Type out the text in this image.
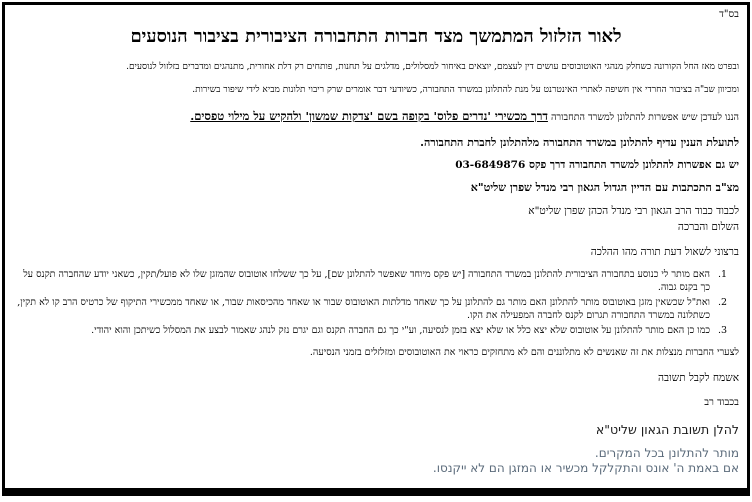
בס"ד
לאור הזלזול המתמשך מצד חברות התחבורה הציבורית בציבור הנוסעים

ובפרט מאז החל הקורונה כשחלק מנהגי האוטובוסים עושים דין לעצמם, יוצאים באיחור למסלולים, מדלגים על תחנות, פותחים רק דלת אחורית, מתנהגים ומדברים בזלזול לנוסעים.

ומכיוון שב"ה בציבור החרדי אין חשיפה לאתרי האינטרנט על מנת להתלונן במשרד התחבורה, כשיודעי דבר אומרים שרק ריבוי תלונות מביא לידי שיפור בשירות.

הננו לעדכן שיש אפשרות להתלונן למשרד התחבורה דרך מכשירי 'נדרים פלוס' בקופה בשם 'צדקות שמשון' ולהקיש על מילוי טפסים.

לתועלת הענין עדיף להתלונן במשרד התחבורה מלהתלונן לחברת התחבורה.

יש גם אפשרות להתלונן למשרד התחבורה דרך פקס 03-6849876

מצ"ב התכתבות עם הדיין הגדול הגאון רבי מנדל שפרן שליט"א

לכבוד כבוד הרב הגאון רבי מנדל הכהן שפרן שליט"א

השלום והברכה

ברצוני לשאול דעת תורה מהו ההלכה

1. האם מותר לי כנוסע בתחבורה הציבורית להתלונן במשרד התחבורה [יש פקס מיוחד שאפשר להתלונן שם], על כך ששלחו אוטובוס שהמזגן שלו לא פועל/תקין, כשאני יודע שהחברה תקנס על כך בקנס גבוה.
2. ואת"ל שכשאין מזגן באוטובוס מותר להתלונן האם מותר גם להתלונן על כך שאחד מדלתות האוטובוס שבור או שאחד מהכיסאות שבור, או שאחד ממכשירי התיקוף של כרטיס הרב קו לא תקין, כשתלונה במשרד התחבורה תגרום לקנס לחברה המפעילה את הקו.
3. כמו כן האם מותר להתלונן על אוטובוס שלא יצא כלל או שלא יצא בזמן לנסיעה, וע"י כך גם החברה תקנס וגם יגרם נזק לנהג שאמור לבצע את המסלול כשיתכן והוא יהודי.

לצערי החברות מנצלות את זה שאנשים לא מתלוננים והם לא מתחזקים כראוי את האוטובוסים ומזלזלים בזמני הנסיעה.

אשמח לקבל תשובה

בכבוד רב

להלן תשובת הגאון שליט"א

מותר להתלונן בכל המקרים.

אם באמת ה' אונס והתקלקל מכשיר או המזגן הם לא ייקנסו.
